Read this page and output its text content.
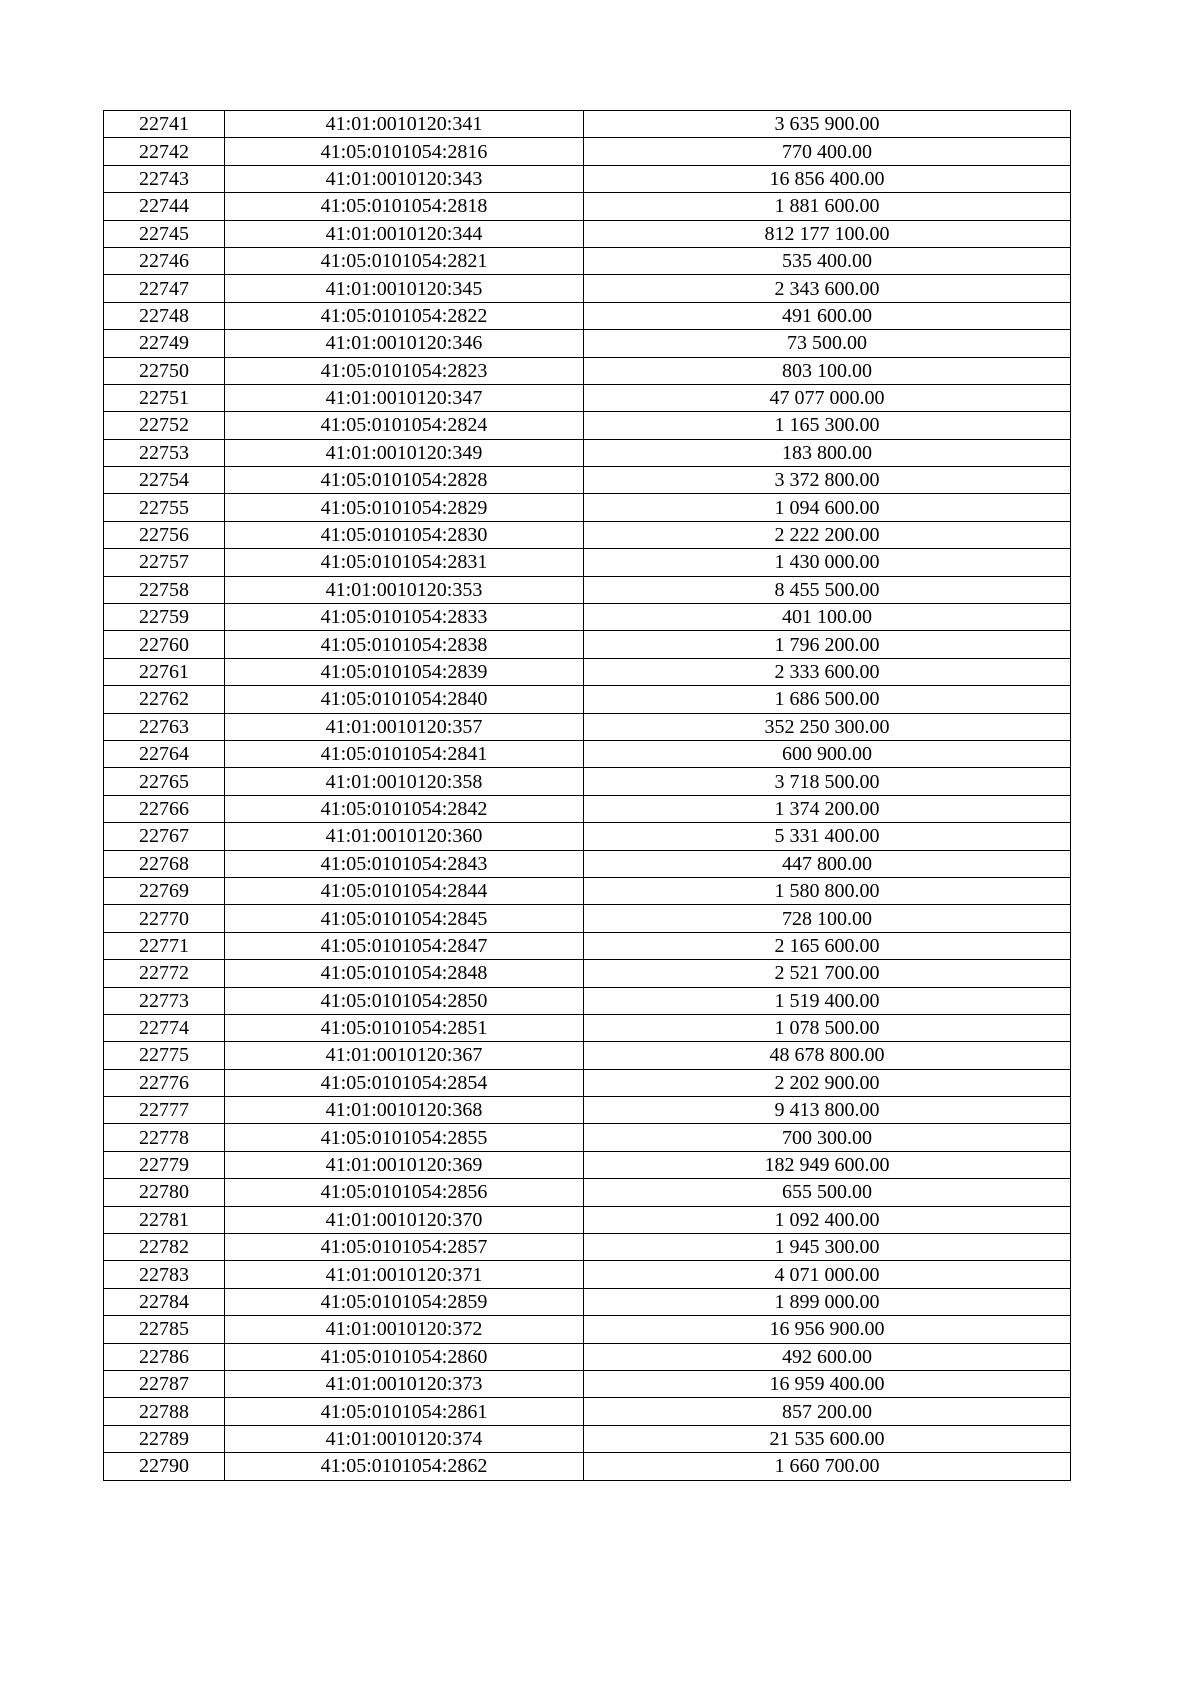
22741	41:01:0010120:341	3 635 900.00
22742	41:05:0101054:2816	770 400.00
22743	41:01:0010120:343	16 856 400.00
22744	41:05:0101054:2818	1 881 600.00
22745	41:01:0010120:344	812 177 100.00
22746	41:05:0101054:2821	535 400.00
22747	41:01:0010120:345	2 343 600.00
22748	41:05:0101054:2822	491 600.00
22749	41:01:0010120:346	73 500.00
22750	41:05:0101054:2823	803 100.00
22751	41:01:0010120:347	47 077 000.00
22752	41:05:0101054:2824	1 165 300.00
22753	41:01:0010120:349	183 800.00
22754	41:05:0101054:2828	3 372 800.00
22755	41:05:0101054:2829	1 094 600.00
22756	41:05:0101054:2830	2 222 200.00
22757	41:05:0101054:2831	1 430 000.00
22758	41:01:0010120:353	8 455 500.00
22759	41:05:0101054:2833	401 100.00
22760	41:05:0101054:2838	1 796 200.00
22761	41:05:0101054:2839	2 333 600.00
22762	41:05:0101054:2840	1 686 500.00
22763	41:01:0010120:357	352 250 300.00
22764	41:05:0101054:2841	600 900.00
22765	41:01:0010120:358	3 718 500.00
22766	41:05:0101054:2842	1 374 200.00
22767	41:01:0010120:360	5 331 400.00
22768	41:05:0101054:2843	447 800.00
22769	41:05:0101054:2844	1 580 800.00
22770	41:05:0101054:2845	728 100.00
22771	41:05:0101054:2847	2 165 600.00
22772	41:05:0101054:2848	2 521 700.00
22773	41:05:0101054:2850	1 519 400.00
22774	41:05:0101054:2851	1 078 500.00
22775	41:01:0010120:367	48 678 800.00
22776	41:05:0101054:2854	2 202 900.00
22777	41:01:0010120:368	9 413 800.00
22778	41:05:0101054:2855	700 300.00
22779	41:01:0010120:369	182 949 600.00
22780	41:05:0101054:2856	655 500.00
22781	41:01:0010120:370	1 092 400.00
22782	41:05:0101054:2857	1 945 300.00
22783	41:01:0010120:371	4 071 000.00
22784	41:05:0101054:2859	1 899 000.00
22785	41:01:0010120:372	16 956 900.00
22786	41:05:0101054:2860	492 600.00
22787	41:01:0010120:373	16 959 400.00
22788	41:05:0101054:2861	857 200.00
22789	41:01:0010120:374	21 535 600.00
22790	41:05:0101054:2862	1 660 700.00
